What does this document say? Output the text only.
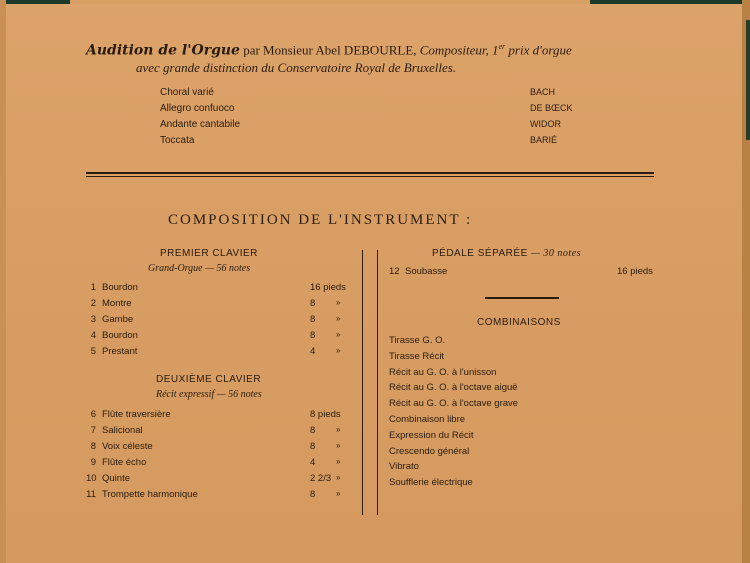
Audition de l'Orgue par Monsieur Abel DEBOURLE, Compositeur, 1er prix d'orgue
avec grande distinction du Conservatoire Royal de Bruxelles.
Choral varié	BACH
Allegro confuoco	DE BŒCK
Andante cantabile	WIDOR
Toccata	BARIÉ
COMPOSITION DE L'INSTRUMENT :
PREMIER CLAVIER
Grand-Orgue — 56 notes
1 Bourdon	16 pieds
2 Montre	8	»
3 Gambe	8	»
4 Bourdon	8	»
5 Prestant	4	»
DEUXIÈME CLAVIER
Récit expressif — 56 notes
6 Flûte traversière	8 pieds
7 Salicional	8	»
8 Voix céleste	8	»
9 Flûte écho	4	»
10 Quinte	2 2/3 »
11 Trompette harmonique	8	»
PÉDALE SÉPARÉE — 30 notes
12 Soubasse	16 pieds
COMBINAISONS
Tirasse G. O.
Tirasse Récit
Récit au G. O. à l'unisson
Récit au G. O. à l'octave aiguë
Récit au G. O. à l'octave grave
Combinaison libre
Expression du Récit
Crescendo général
Vibrato
Soufflerie électrique
